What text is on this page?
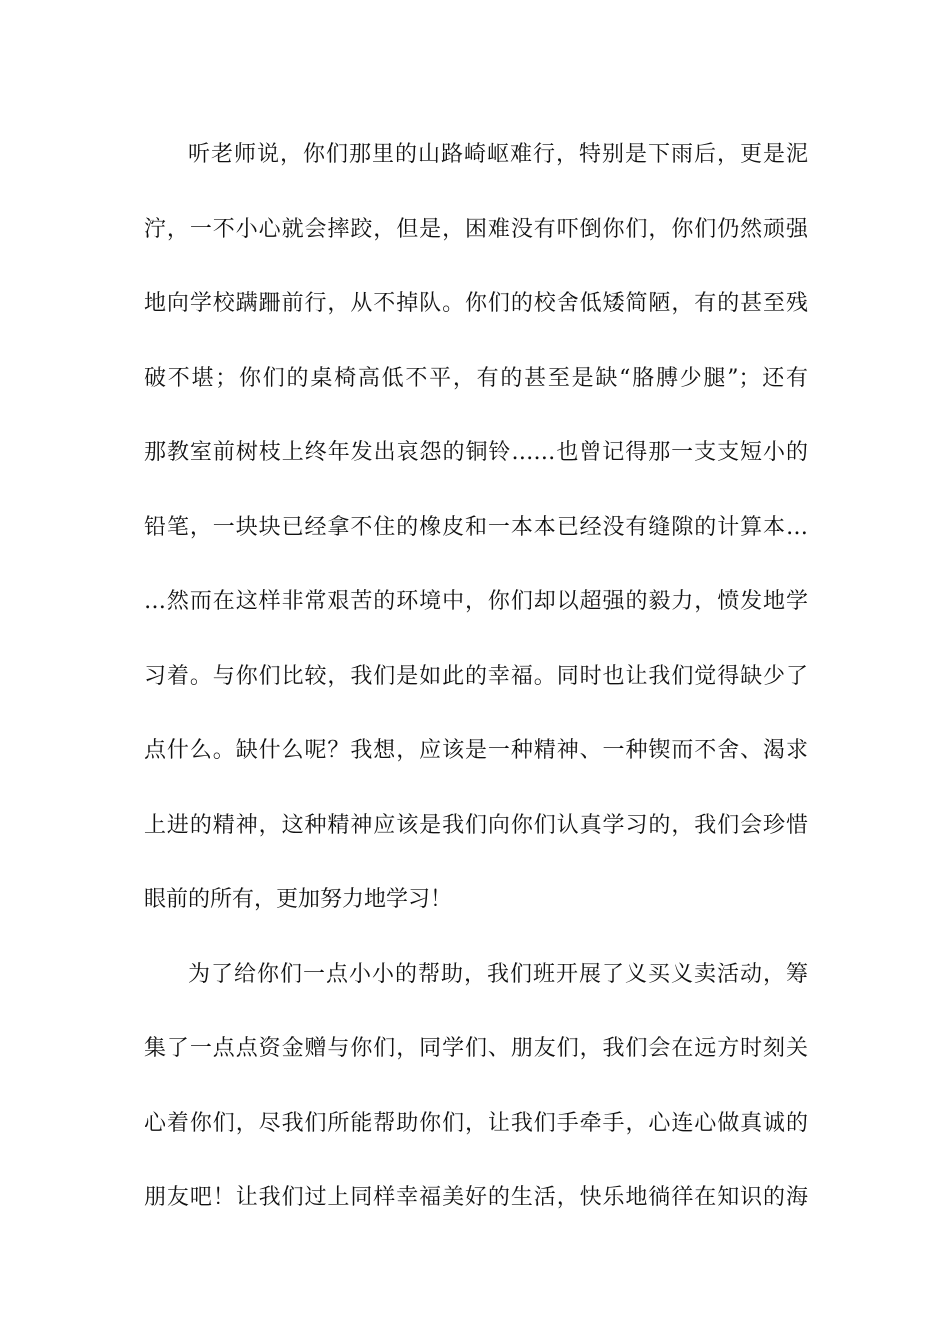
听老师说，你们那里的山路崎岖难行，特别是下雨后，更是泥
泞，一不小心就会摔跤，但是，困难没有吓倒你们，你们仍然顽强
地向学校蹒跚前行，从不掉队。你们的校舍低矮简陋，有的甚至残
破不堪；你们的桌椅高低不平，有的甚至是缺“胳膊少腿”；还有
那教室前树枝上终年发出哀怨的铜铃……也曾记得那一支支短小的
铅笔，一块块已经拿不住的橡皮和一本本已经没有缝隙的计算本…
…然而在这样非常艰苦的环境中，你们却以超强的毅力，愤发地学
习着。与你们比较，我们是如此的幸福。同时也让我们觉得缺少了
点什么。缺什么呢？我想，应该是一种精神、一种锲而不舍、渴求
上进的精神，这种精神应该是我们向你们认真学习的，我们会珍惜
眼前的所有，更加努力地学习！
为了给你们一点小小的帮助，我们班开展了义买义卖活动，筹
集了一点点资金赠与你们，同学们、朋友们，我们会在远方时刻关
心着你们，尽我们所能帮助你们，让我们手牵手，心连心做真诚的
朋友吧！让我们过上同样幸福美好的生活，快乐地徜徉在知识的海
